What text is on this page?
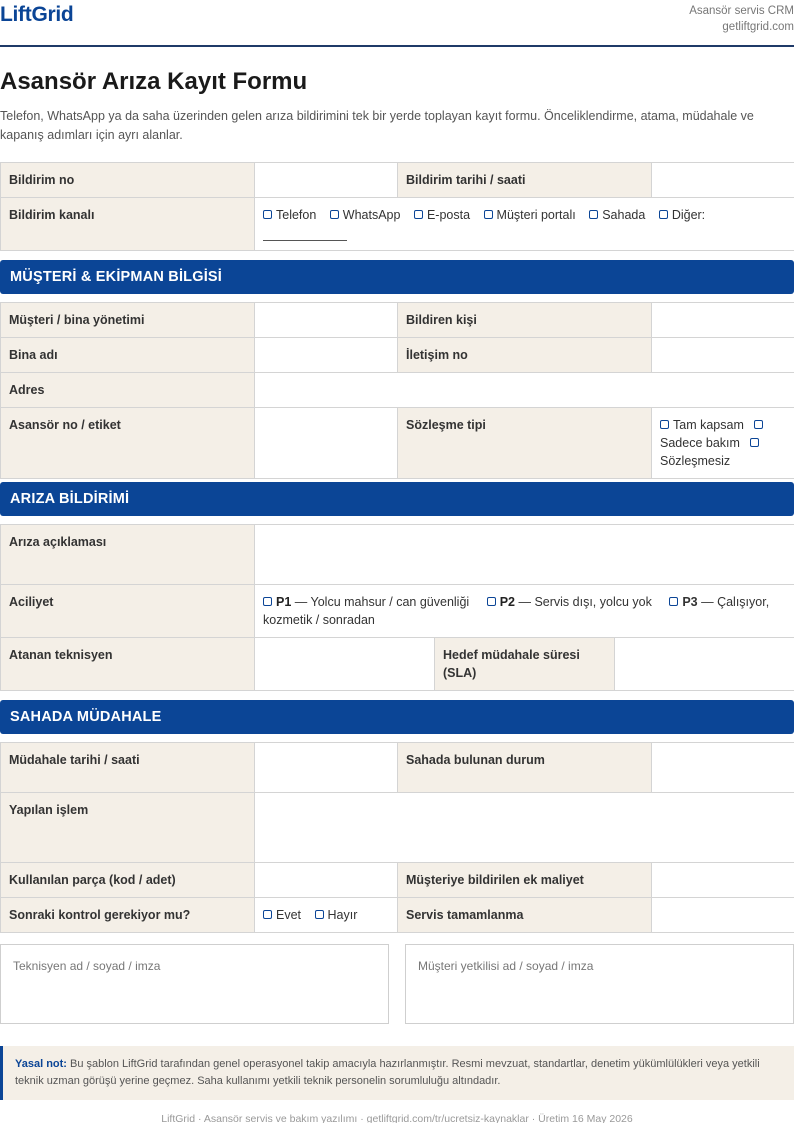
LiftGrid	Asansör servis CRM
getliftgrid.com
Asansör Arıza Kayıt Formu

Telefon, WhatsApp ya da saha üzerinden gelen arıza bildirimini tek bir yerde toplayan kayıt formu. Önceliklendirme, atama, müdahale ve kapanış adımları için ayrı alanlar.

Bildirim no		Bildirim tarihi / saati	
Bildirim kanalı	Telefon WhatsApp E-posta Müşteri portalı Sahada Diğer:		

MÜŞTERİ & EKİPMAN BİLGİSİ
Müşteri / bina yönetimi		Bildiren kişi	
Bina adı		İletişim no	
Adres			
Asansör no / etiket		Sözleşme tipi	Tam kapsam
Sadece bakım
Sözleşmesiz
ARIZA BİLDİRİMİ
Arıza açıklaması			
Aciliyet	P1 — Yolcu mahsur / can güvenliği P2 — Servis dışı, yolcu yok P3 — Çalışıyor, kozmetik / sonradan		
Atanan teknisyen		Hedef müdahale süresi (SLA)	
SAHADA MÜDAHALE
Müdahale tarihi / saati		Sahada bulunan durum	
Yapılan işlem			
Kullanılan parça (kod / adet)		Müşteriye bildirilen ek maliyet	
Sonraki kontrol gerekiyor mu?	Evet Hayır	Servis tamamlanma	
Teknisyen ad / soyad / imza	Müşteri yetkilisi ad / soyad / imza
Yasal not: Bu şablon LiftGrid tarafından genel operasyonel takip amacıyla hazırlanmıştır. Resmi mevzuat, standartlar, denetim yükümlülükleri veya yetkili teknik uzman görüşü yerine geçmez. Saha kullanımı yetkili teknik personelin sorumluluğu altındadır.
LiftGrid · Asansör servis ve bakım yazılımı · getliftgrid.com/tr/ucretsiz-kaynaklar · Üretim 16 May 2026
